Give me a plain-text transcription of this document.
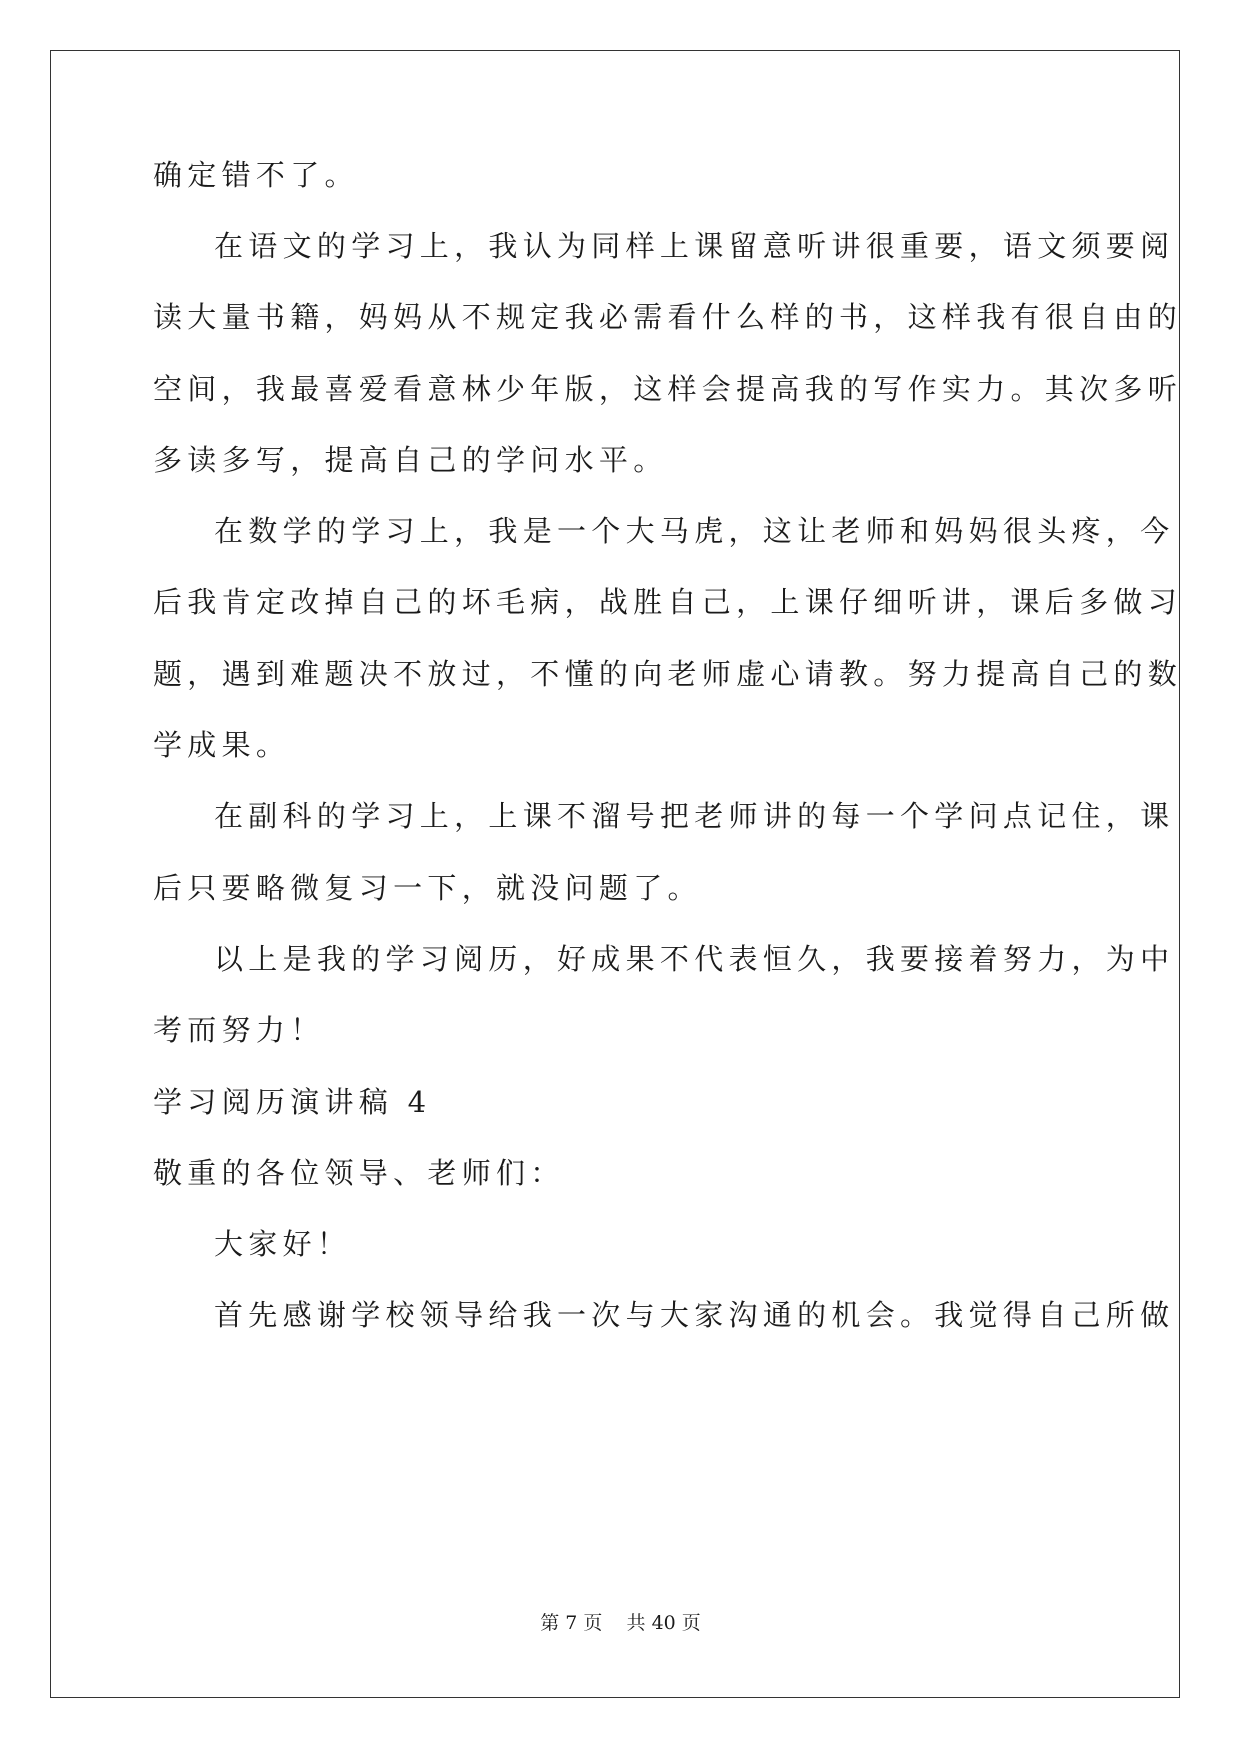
确定错不了。
在语文的学习上，我认为同样上课留意听讲很重要，语文须要阅
读大量书籍，妈妈从不规定我必需看什么样的书，这样我有很自由的
空间，我最喜爱看意林少年版，这样会提高我的写作实力。其次多听
多读多写，提高自己的学问水平。
在数学的学习上，我是一个大马虎，这让老师和妈妈很头疼，今
后我肯定改掉自己的坏毛病，战胜自己，上课仔细听讲，课后多做习
题，遇到难题决不放过，不懂的向老师虚心请教。努力提高自己的数
学成果。
在副科的学习上，上课不溜号把老师讲的每一个学问点记住，课
后只要略微复习一下，就没问题了。
以上是我的学习阅历，好成果不代表恒久，我要接着努力，为中
考而努力！
学习阅历演讲稿 4
敬重的各位领导、老师们：
大家好！
首先感谢学校领导给我一次与大家沟通的机会。我觉得自己所做
第 7 页    共 40 页
